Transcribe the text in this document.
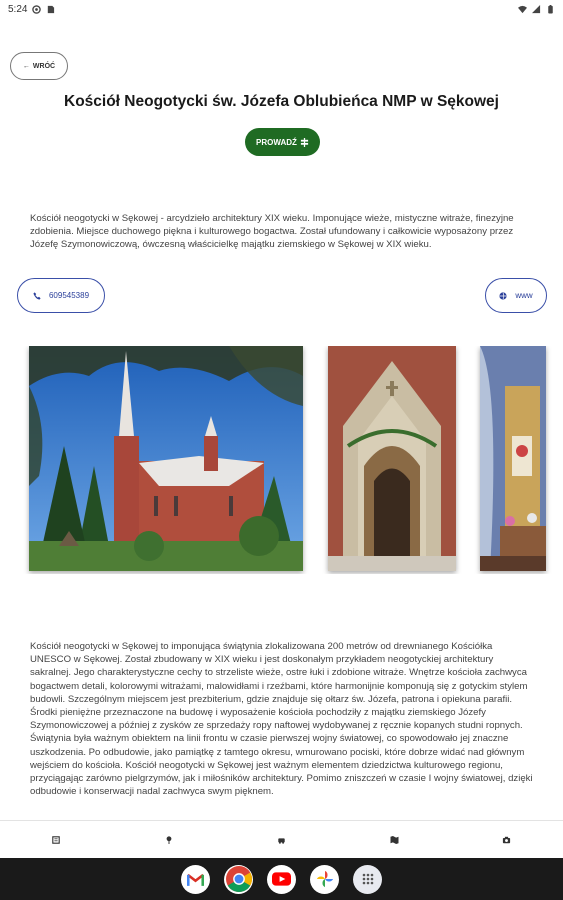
5:24
← WRÓĆ
Kościół Neogotycki św. Józefa Oblubieńca NMP w Sękowej
PROWADŹ

Kościół neogotycki w Sękowej - arcydzieło architektury XIX wieku. Imponujące wieże, mistyczne witraże, finezyjne zdobienia. Miejsce duchowego piękna i kulturowego bogactwa. Został ufundowany i całkowicie wyposażony przez Józefę Szymonowiczową, ówczesną właścicielkę majątku ziemskiego w Sękowej w XIX wieku.

609545389	www

Kościół neogotycki w Sękowej to imponująca świątynia zlokalizowana 200 metrów od drewnianego Kościółka UNESCO w Sękowej. Został zbudowany w XIX wieku i jest doskonałym przykładem neogotyckiej architektury sakralnej. Jego charakterystyczne cechy to strzeliste wieże, ostre łuki i zdobione witraże. Wnętrze kościoła zachwyca bogactwem detali, kolorowymi witrażami, malowidłami i rzeźbami, które harmonijnie komponują się z gotyckim stylem budowli. Szczególnym miejscem jest prezbiterium, gdzie znajduje się ołtarz św. Józefa, patrona i opiekuna parafii. Środki pieniężne przeznaczone na budowę i wyposażenie kościoła pochodziły z majątku ziemskiego Józefy Szymonowiczowej a później z zysków ze sprzedaży ropy naftowej wydobywanej z ręcznie kopanych studni ropnych. Świątynia była ważnym obiektem na linii frontu w czasie pierwszej wojny światowej, co spowodowało jej znaczne uszkodzenia. Po odbudowie, jako pamiątkę z tamtego okresu, wmurowano pociski, które dobrze widać nad głównym wejściem do kościoła. Kościół neogotycki w Sękowej jest ważnym elementem dziedzictwa kulturowego regionu, przyciągając zarówno pielgrzymów, jak i miłośników architektury. Pomimo zniszczeń w czasie I wojny światowej, dzięki odbudowie i konserwacji nadal zachwyca swym pięknem.
